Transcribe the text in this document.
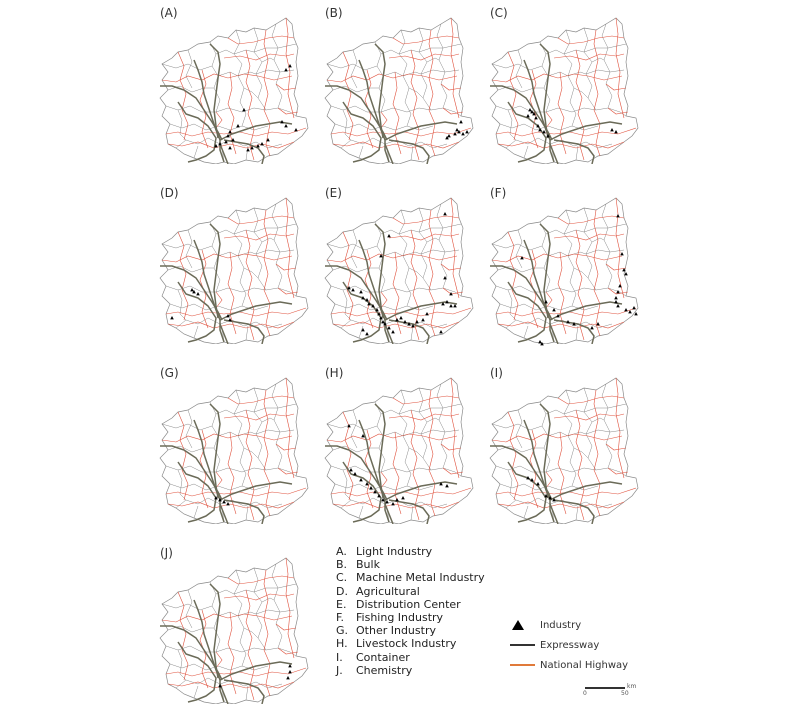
(A)	(B)	(C)
(D)	(E)	(F)
(G)	(H)	(I)
(J)	A. Light Industry
B. Bulk
C. Machine Metal Industry
D. Agricultural
E. Distribution Center
F.	Fishing Industry
G. Other Industry
H. Livestock Industry
I.	Container
J.	Chemistry
Industry
Expressway
National Highway
0	50
km
